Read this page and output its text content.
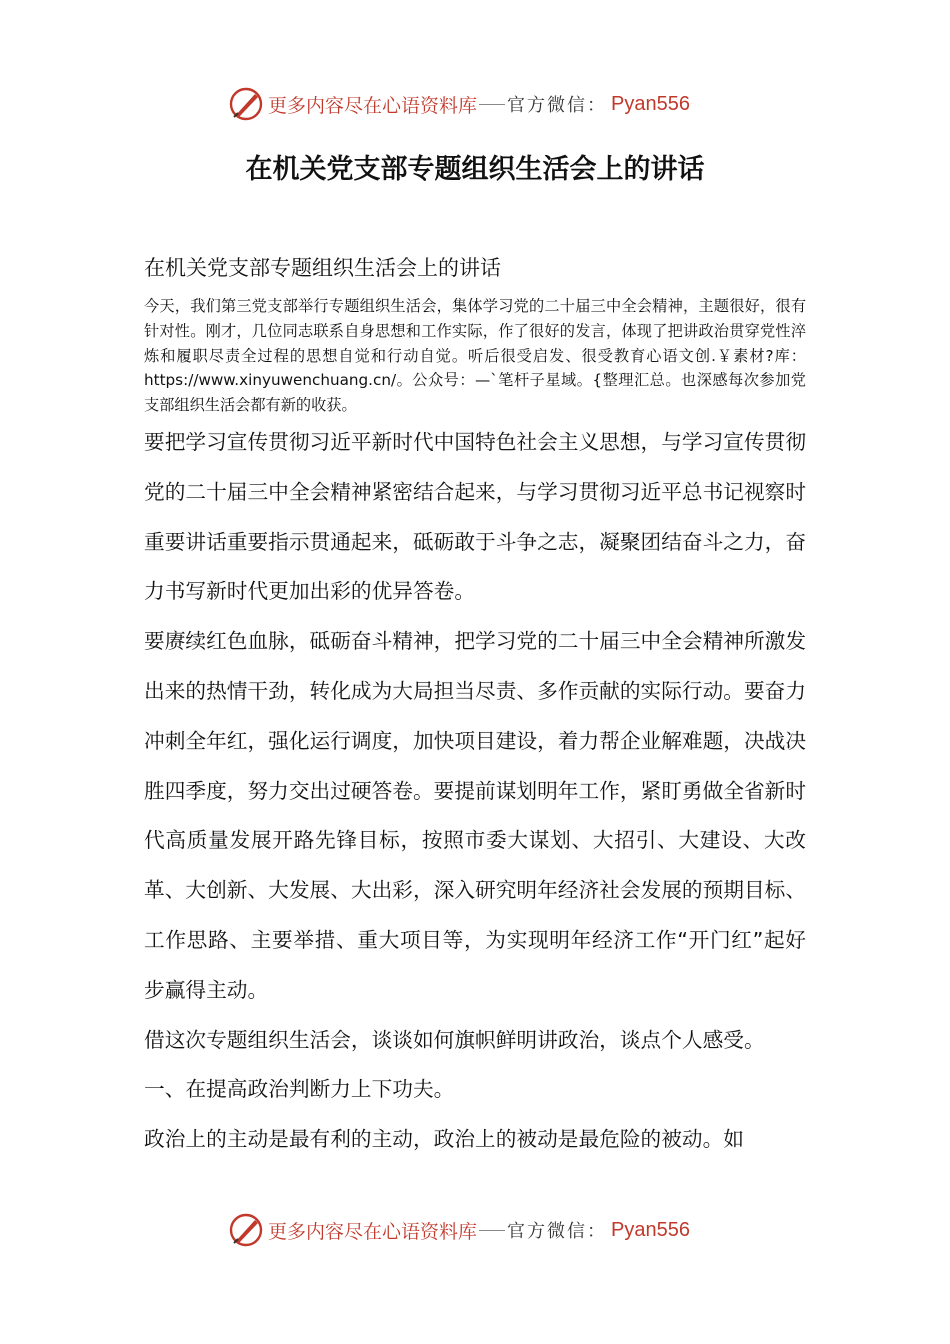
更多内容尽在心语资料库 官方微信： Pyan556
在机关党支部专题组织生活会上的讲话
在机关党支部专题组织生活会上的讲话

今天，我们第三党支部举行专题组织生活会，集体学习党的二十届三中全会精神，主题很好，很有针对性。刚才，几位同志联系自身思想和工作实际，作了很好的发言，体现了把讲政治贯穿党性淬炼和履职尽责全过程的思想自觉和行动自觉。听后很受启发、很受教育心语文创.￥素材?库：https://www.xinyuwenchuang.cn/。公众号：—`笔杆子星域。{整理汇总。也深感每次参加党支部组织生活会都有新的收获。

要把学习宣传贯彻习近平新时代中国特色社会主义思想，与学习宣传贯彻党的二十届三中全会精神紧密结合起来，与学习贯彻习近平总书记视察时重要讲话重要指示贯通起来，砥砺敢于斗争之志，凝聚团结奋斗之力，奋力书写新时代更加出彩的优异答卷。

要赓续红色血脉，砥砺奋斗精神，把学习党的二十届三中全会精神所激发出来的热情干劲，转化成为大局担当尽责、多作贡献的实际行动。要奋力冲刺全年红，强化运行调度，加快项目建设，着力帮企业解难题，决战决胜四季度，努力交出过硬答卷。要提前谋划明年工作，紧盯勇做全省新时代高质量发展开路先锋目标，按照市委大谋划、大招引、大建设、大改革、大创新、大发展、大出彩，深入研究明年经济社会发展的预期目标、工作思路、主要举措、重大项目等，为实现明年经济工作“开门红”起好步赢得主动。

借这次专题组织生活会，谈谈如何旗帜鲜明讲政治，谈点个人感受。

一、在提高政治判断力上下功夫。

政治上的主动是最有利的主动，政治上的被动是最危险的被动。如

更多内容尽在心语资料库 官方微信： Pyan556
